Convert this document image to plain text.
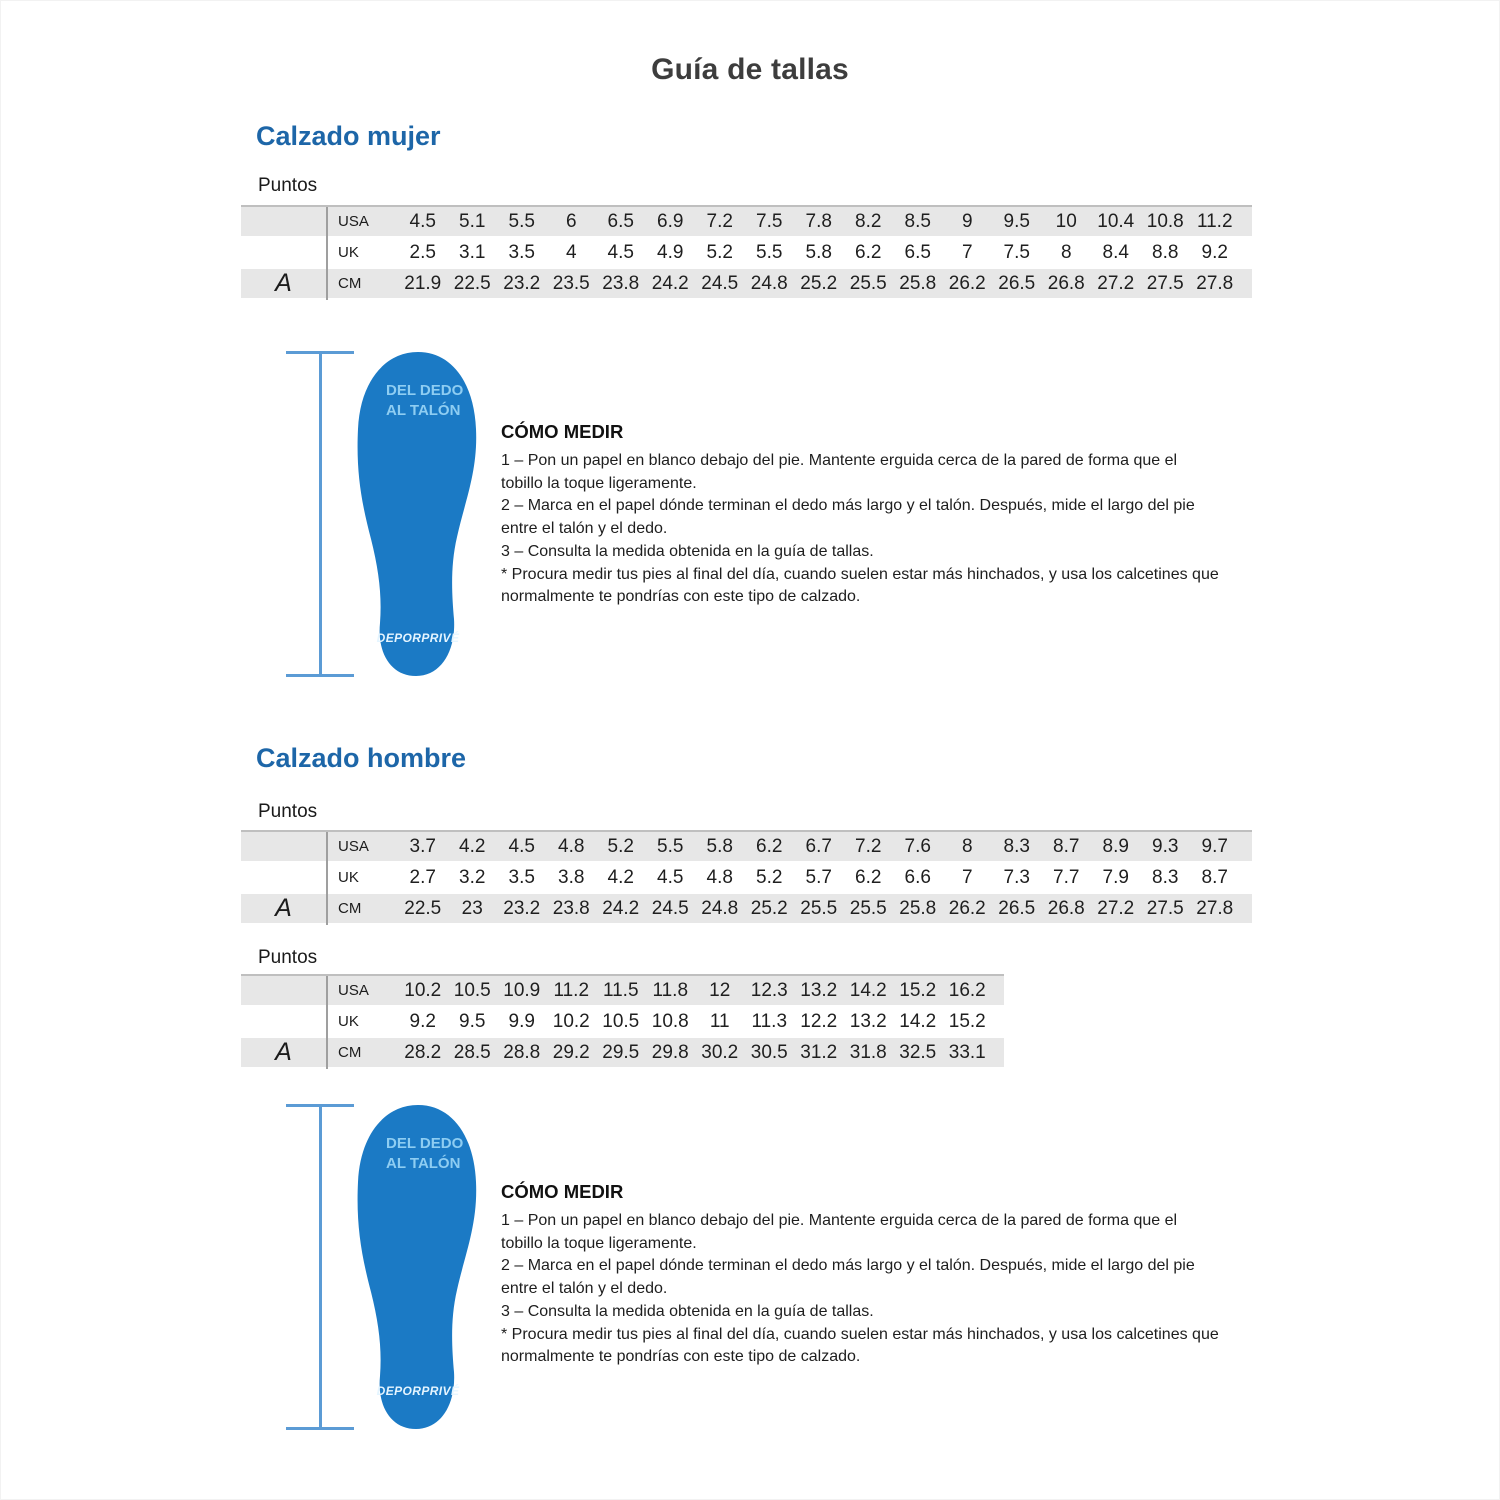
Guía de tallas
Calzado mujer
Puntos
USA	4.5	5.1	5.5	6	6.5	6.9	7.2	7.5	7.8	8.2	8.5	9	9.5	10	10.4 10.8 11.2
UK	2.5	3.1	3.5	4	4.5	4.9	5.2	5.5	5.8	6.2	6.5	7	7.5	8	8.4	8.8	9.2
A	CM	21.9 22.5 23.2 23.5 23.8 24.2 24.5 24.8 25.2 25.5 25.8 26.2 26.5 26.8 27.2 27.5 27.8
DEL DEDO
AL TALÓN
DEPORPRIVÉ
CÓMO MEDIR

1 – Pon un papel en blanco debajo del pie. Mantente erguida cerca de la pared de forma que el tobillo la toque ligeramente.

2 – Marca en el papel dónde terminan el dedo más largo y el talón. Después, mide el largo del pie entre el talón y el dedo.

3 – Consulta la medida obtenida en la guía de tallas.

* Procura medir tus pies al final del día, cuando suelen estar más hinchados, y usa los calcetines que normalmente te pondrías con este tipo de calzado.

Calzado hombre
Puntos
USA	3.7	4.2	4.5	4.8	5.2	5.5	5.8	6.2	6.7	7.2	7.6	8	8.3	8.7	8.9	9.3	9.7
UK	2.7	3.2	3.5	3.8	4.2	4.5	4.8	5.2	5.7	6.2	6.6	7	7.3	7.7	7.9	8.3	8.7
A	CM	22.5	23	23.2 23.8 24.2 24.5 24.8 25.2 25.5 25.5 25.8 26.2 26.5 26.8 27.2 27.5 27.8
Puntos
USA	10.2 10.5 10.9 11.2 11.5 11.8	12	12.3 13.2 14.2 15.2 16.2
UK	9.2	9.5	9.9 10.2 10.5 10.8	11	11.3 12.2 13.2 14.2 15.2
A	CM	28.2 28.5 28.8 29.2 29.5 29.8 30.2 30.5 31.2 31.8 32.5 33.1
DEL DEDO
AL TALÓN
DEPORPRIVÉ
CÓMO MEDIR

1 – Pon un papel en blanco debajo del pie. Mantente erguida cerca de la pared de forma que el tobillo la toque ligeramente.

2 – Marca en el papel dónde terminan el dedo más largo y el talón. Después, mide el largo del pie entre el talón y el dedo.

3 – Consulta la medida obtenida en la guía de tallas.

* Procura medir tus pies al final del día, cuando suelen estar más hinchados, y usa los calcetines que normalmente te pondrías con este tipo de calzado.
